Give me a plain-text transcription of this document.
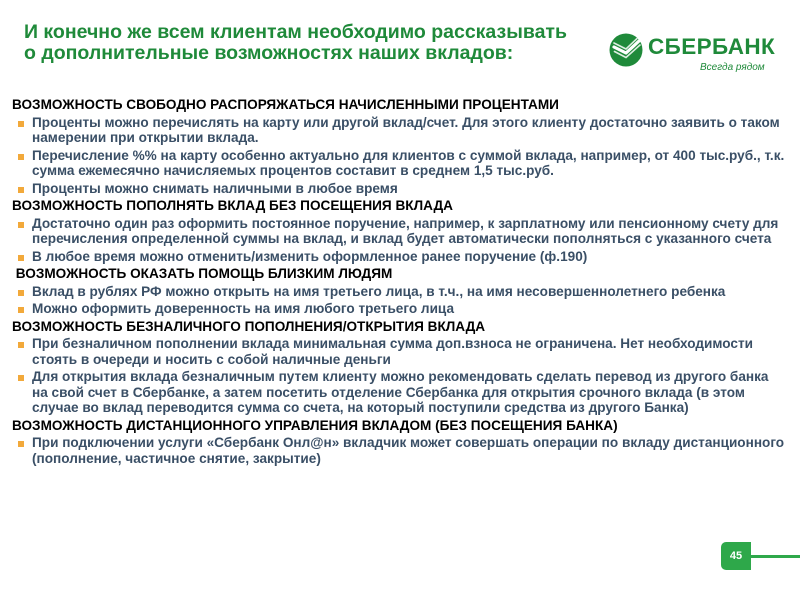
И конечно же всем клиентам необходимо рассказывать о дополнительные возможностях наших вкладов:	СБЕРБАНК
Всегда рядом
ВОЗМОЖНОСТЬ СВОБОДНО РАСПОРЯЖАТЬСЯ НАЧИСЛЕННЫМИ ПРОЦЕНТАМИ
Проценты можно перечислять на карту или другой вклад/счет. Для этого клиенту достаточно заявить о таком намерении при открытии вклада.
Перечисление %% на карту особенно актуально для клиентов с суммой вклада, например, от 400 тыс.руб., т.к. сумма ежемесячно начисляемых процентов составит в среднем 1,5 тыс.руб.
Проценты можно снимать наличными в любое время
ВОЗМОЖНОСТЬ ПОПОЛНЯТЬ ВКЛАД БЕЗ ПОСЕЩЕНИЯ ВКЛАДА
Достаточно один раз оформить постоянное поручение, например, к зарплатному или пенсионному счету для перечисления определенной суммы на вклад, и вклад будет автоматически пополняться с указанного счета
В любое время можно отменить/изменить оформленное ранее поручение (ф.190)
ВОЗМОЖНОСТЬ ОКАЗАТЬ ПОМОЩЬ БЛИЗКИМ ЛЮДЯМ
Вклад в рублях РФ можно открыть на имя третьего лица, в т.ч., на имя несовершеннолетнего ребенка
Можно оформить доверенность на имя любого третьего лица
ВОЗМОЖНОСТЬ БЕЗНАЛИЧНОГО ПОПОЛНЕНИЯ/ОТКРЫТИЯ ВКЛАДА
При безналичном пополнении вклада минимальная сумма доп.взноса не ограничена. Нет необходимости стоять в очереди и носить с собой наличные деньги
Для открытия вклада безналичным путем клиенту можно рекомендовать сделать перевод из другого банка на свой счет в Сбербанке, а затем посетить отделение Сбербанка для открытия срочного вклада (в этом случае во вклад переводится сумма со счета, на который поступили средства из другого Банка)
ВОЗМОЖНОСТЬ ДИСТАНЦИОННОГО УПРАВЛЕНИЯ ВКЛАДОМ (БЕЗ ПОСЕЩЕНИЯ БАНКА)
При подключении услуги «Сбербанк Онл@н» вкладчик может совершать операции по вкладу дистанционного (пополнение, частичное снятие, закрытие)
45
